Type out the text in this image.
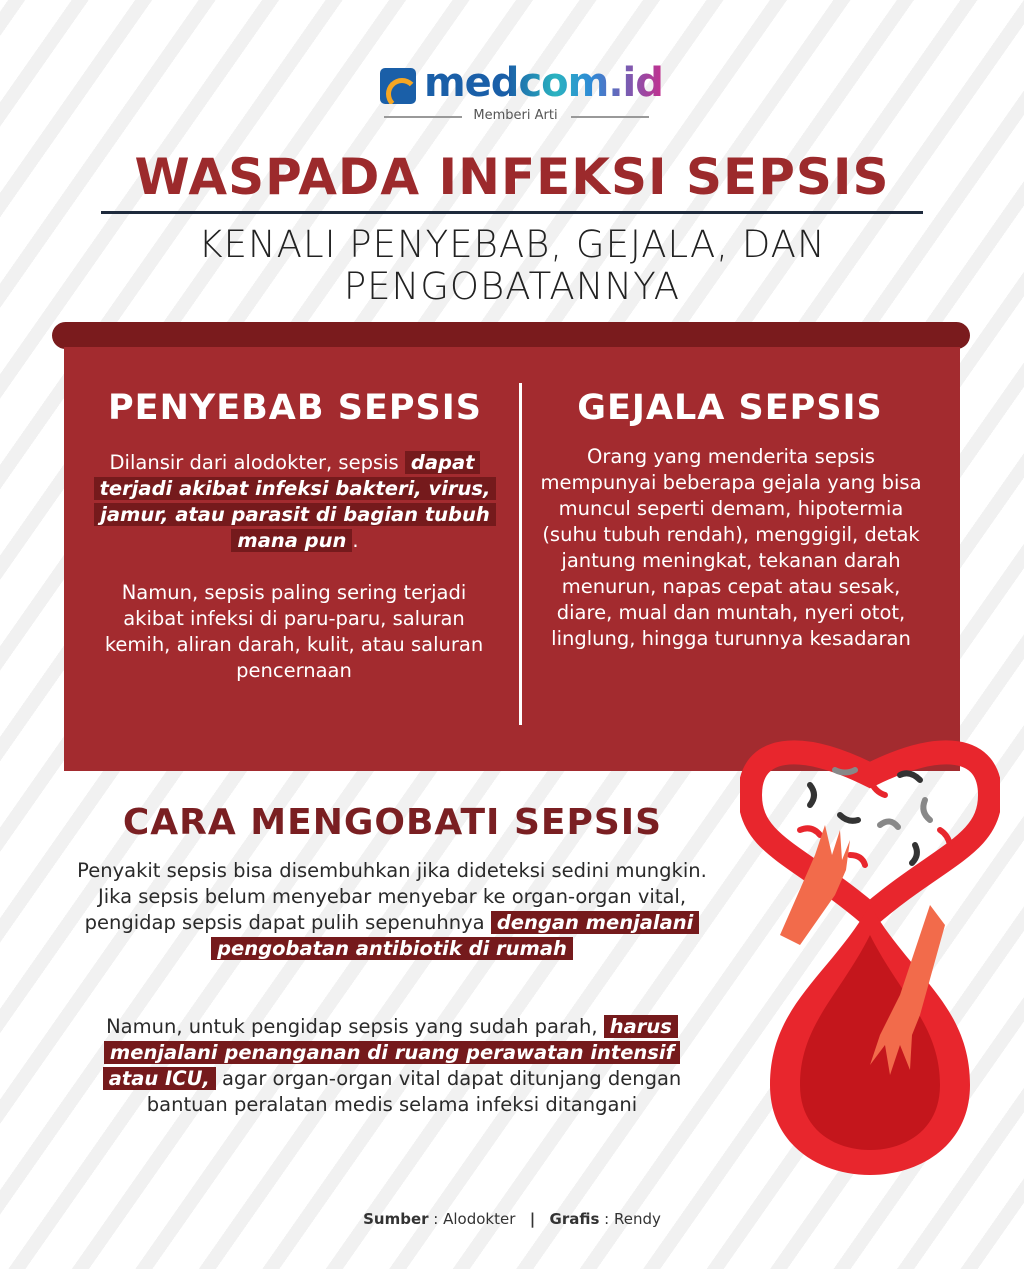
medcom.id
Memberi Arti
WASPADA INFEKSI SEPSIS
KENALI PENYEBAB, GEJALA, DAN
PENGOBATANNYA
PENYEBAB SEPSIS
Dilansir dari alodokter, sepsis dapat terjadi akibat infeksi bakteri, virus, jamur, atau parasit di bagian tubuh mana pun .
Namun, sepsis paling sering terjadi akibat infeksi di paru-paru, saluran kemih, aliran darah, kulit, atau saluran pencernaan
GEJALA SEPSIS
Orang yang menderita sepsis mempunyai beberapa gejala yang bisa muncul seperti demam, hipotermia (suhu tubuh rendah), menggigil, detak jantung meningkat, tekanan darah menurun, napas cepat atau sesak, diare, mual dan muntah, nyeri otot, linglung, hingga turunnya kesadaran
CARA MENGOBATI SEPSIS
Penyakit sepsis bisa disembuhkan jika dideteksi sedini mungkin. Jika sepsis belum menyebar menyebar ke organ-organ vital, pengidap sepsis dapat pulih sepenuhnya dengan menjalani pengobatan antibiotik di rumah
Namun, untuk pengidap sepsis yang sudah parah, harus menjalani penanganan di ruang perawatan intensif atau ICU, agar organ-organ vital dapat ditunjang dengan bantuan peralatan medis selama infeksi ditangani
Sumber : Alodokter | Grafis : Rendy
